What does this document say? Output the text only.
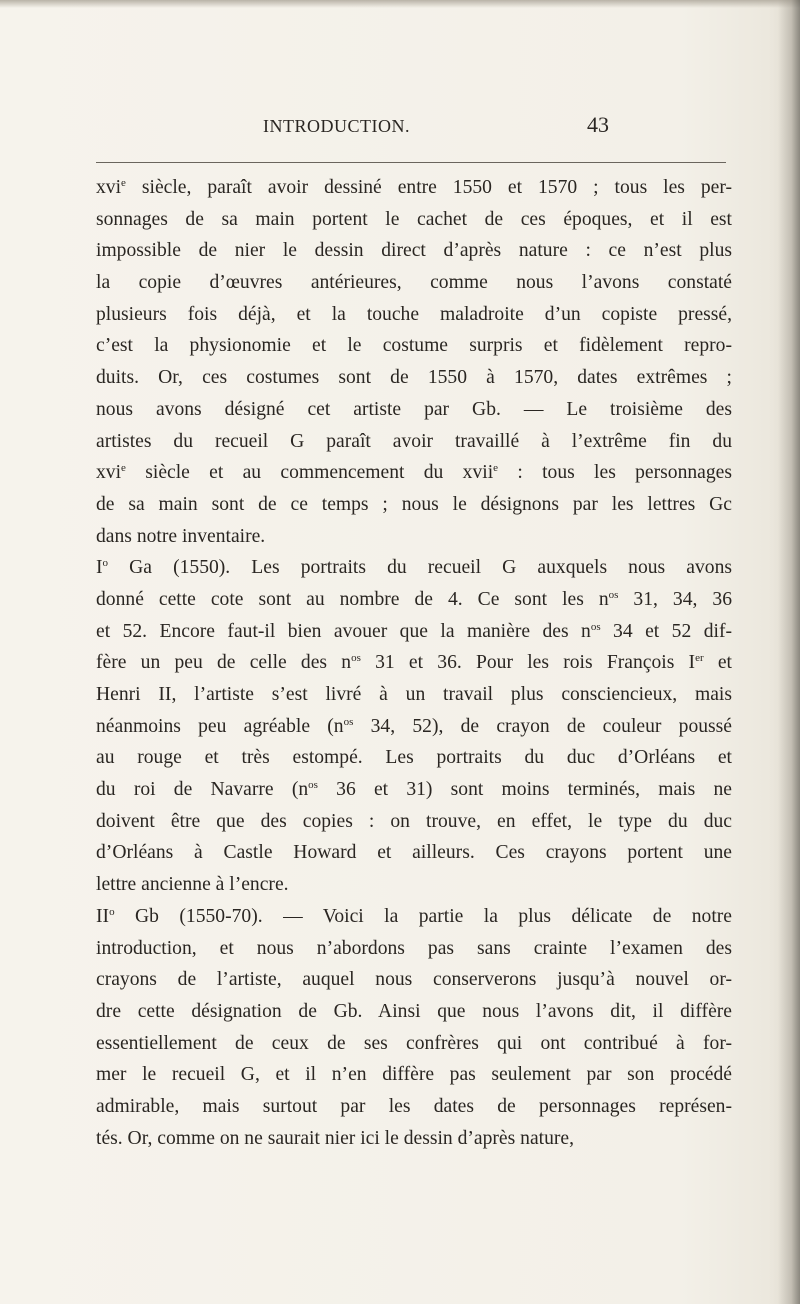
INTRODUCTION.	43
xvi$^e$ siècle, paraît avoir dessiné entre 1550 et 1570 ; tous les per-
sonnages de sa main portent le cachet de ces époques, et il est
impossible de nier le dessin direct d’après nature : ce n’est plus
la copie d’œuvres antérieures, comme nous l’avons constaté
plusieurs fois déjà, et la touche maladroite d’un copiste pressé,
c’est la physionomie et le costume surpris et fidèlement repro-
duits. Or, ces costumes sont de 1550 à 1570, dates extrêmes ;
nous avons désigné cet artiste par Gb. — Le troisième des
artistes du recueil G paraît avoir travaillé à l’extrême fin du
xvi$^e$ siècle et au commencement du xvii$^e$ : tous les personnages
de sa main sont de ce temps ; nous le désignons par les lettres Gc
dans notre inventaire.
$I^o$ Ga (1550). Les portraits du recueil G auxquels nous avons
donné cette cote sont au nombre de 4. Ce sont les $n^{os}$ 31, 34, 36
et 52. Encore faut-il bien avouer que la manière des $n^{os}$ 34 et 52 dif-
fère un peu de celle des $n^{os}$ 31 et 36. Pour les rois François Ier et
Henri II, l’artiste s’est livré à un travail plus consciencieux, mais
néanmoins peu agréable ($n^{os}$ 34, 52), de crayon de couleur poussé
au rouge et très estompé. Les portraits du duc d’Orléans et
du roi de Navarre ($n^{os}$ 36 et 31) sont moins terminés, mais ne
doivent être que des copies : on trouve, en effet, le type du duc
d’Orléans à Castle Howard et ailleurs. Ces crayons portent une
lettre ancienne à l’encre.
$II^o$ Gb (1550-70). — Voici la partie la plus délicate de notre
introduction, et nous n’abordons pas sans crainte l’examen des
crayons de l’artiste, auquel nous conserverons jusqu’à nouvel or-
dre cette désignation de Gb. Ainsi que nous l’avons dit, il diffère
essentiellement de ceux de ses confrères qui ont contribué à for-
mer le recueil G, et il n’en diffère pas seulement par son procédé
admirable, mais surtout par les dates de personnages représen-
tés. Or, comme on ne saurait nier ici le dessin d’après nature,
